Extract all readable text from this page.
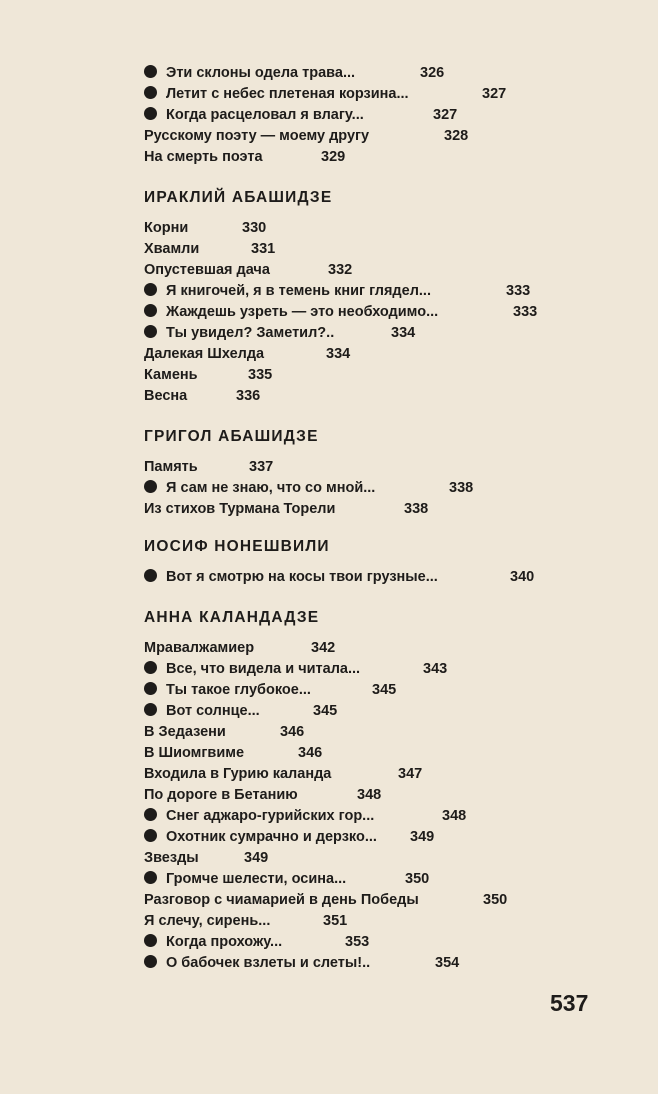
Эти склоны одела трава...	326
Летит с небес плетеная корзина...	327
Когда расцеловал я влагу...	327
Русскому поэту — моему другу	328
На смерть поэта	329
ИРАКЛИЙ АБАШИДЗЕ
Корни	330
Хвамли	331
Опустевшая дача	332
Я книгочей, я в темень книг глядел...	333
Жаждешь узреть — это необходимо...	333
Ты увидел? Заметил?..	334
Далекая Шхелда	334
Камень	335
Весна	336
ГРИГОЛ АБАШИДЗЕ
Память	337
Я сам не знаю, что со мной...	338
Из стихов Турмана Торели	338
ИОСИФ НОНЕШВИЛИ
Вот я смотрю на косы твои грузные...	340
АННА КАЛАНДАДЗЕ
Мравалжамиер	342
Все, что видела и читала...	343
Ты такое глубокое...	345
Вот солнце...	345
В Зедазени	346
В Шиомгвиме	346
Входила в Гурию каланда	347
По дороге в Бетанию	348
Снег аджаро-гурийских гор...	348
Охотник сумрачно и дерзко... 349
Звезды	349
Громче шелести, осина...	350
Разговор с чиамарией в день Победы	350
Я слечу, сирень...	351
Когда прохожу...	353
О бабочек взлеты и слеты!..	354
537
